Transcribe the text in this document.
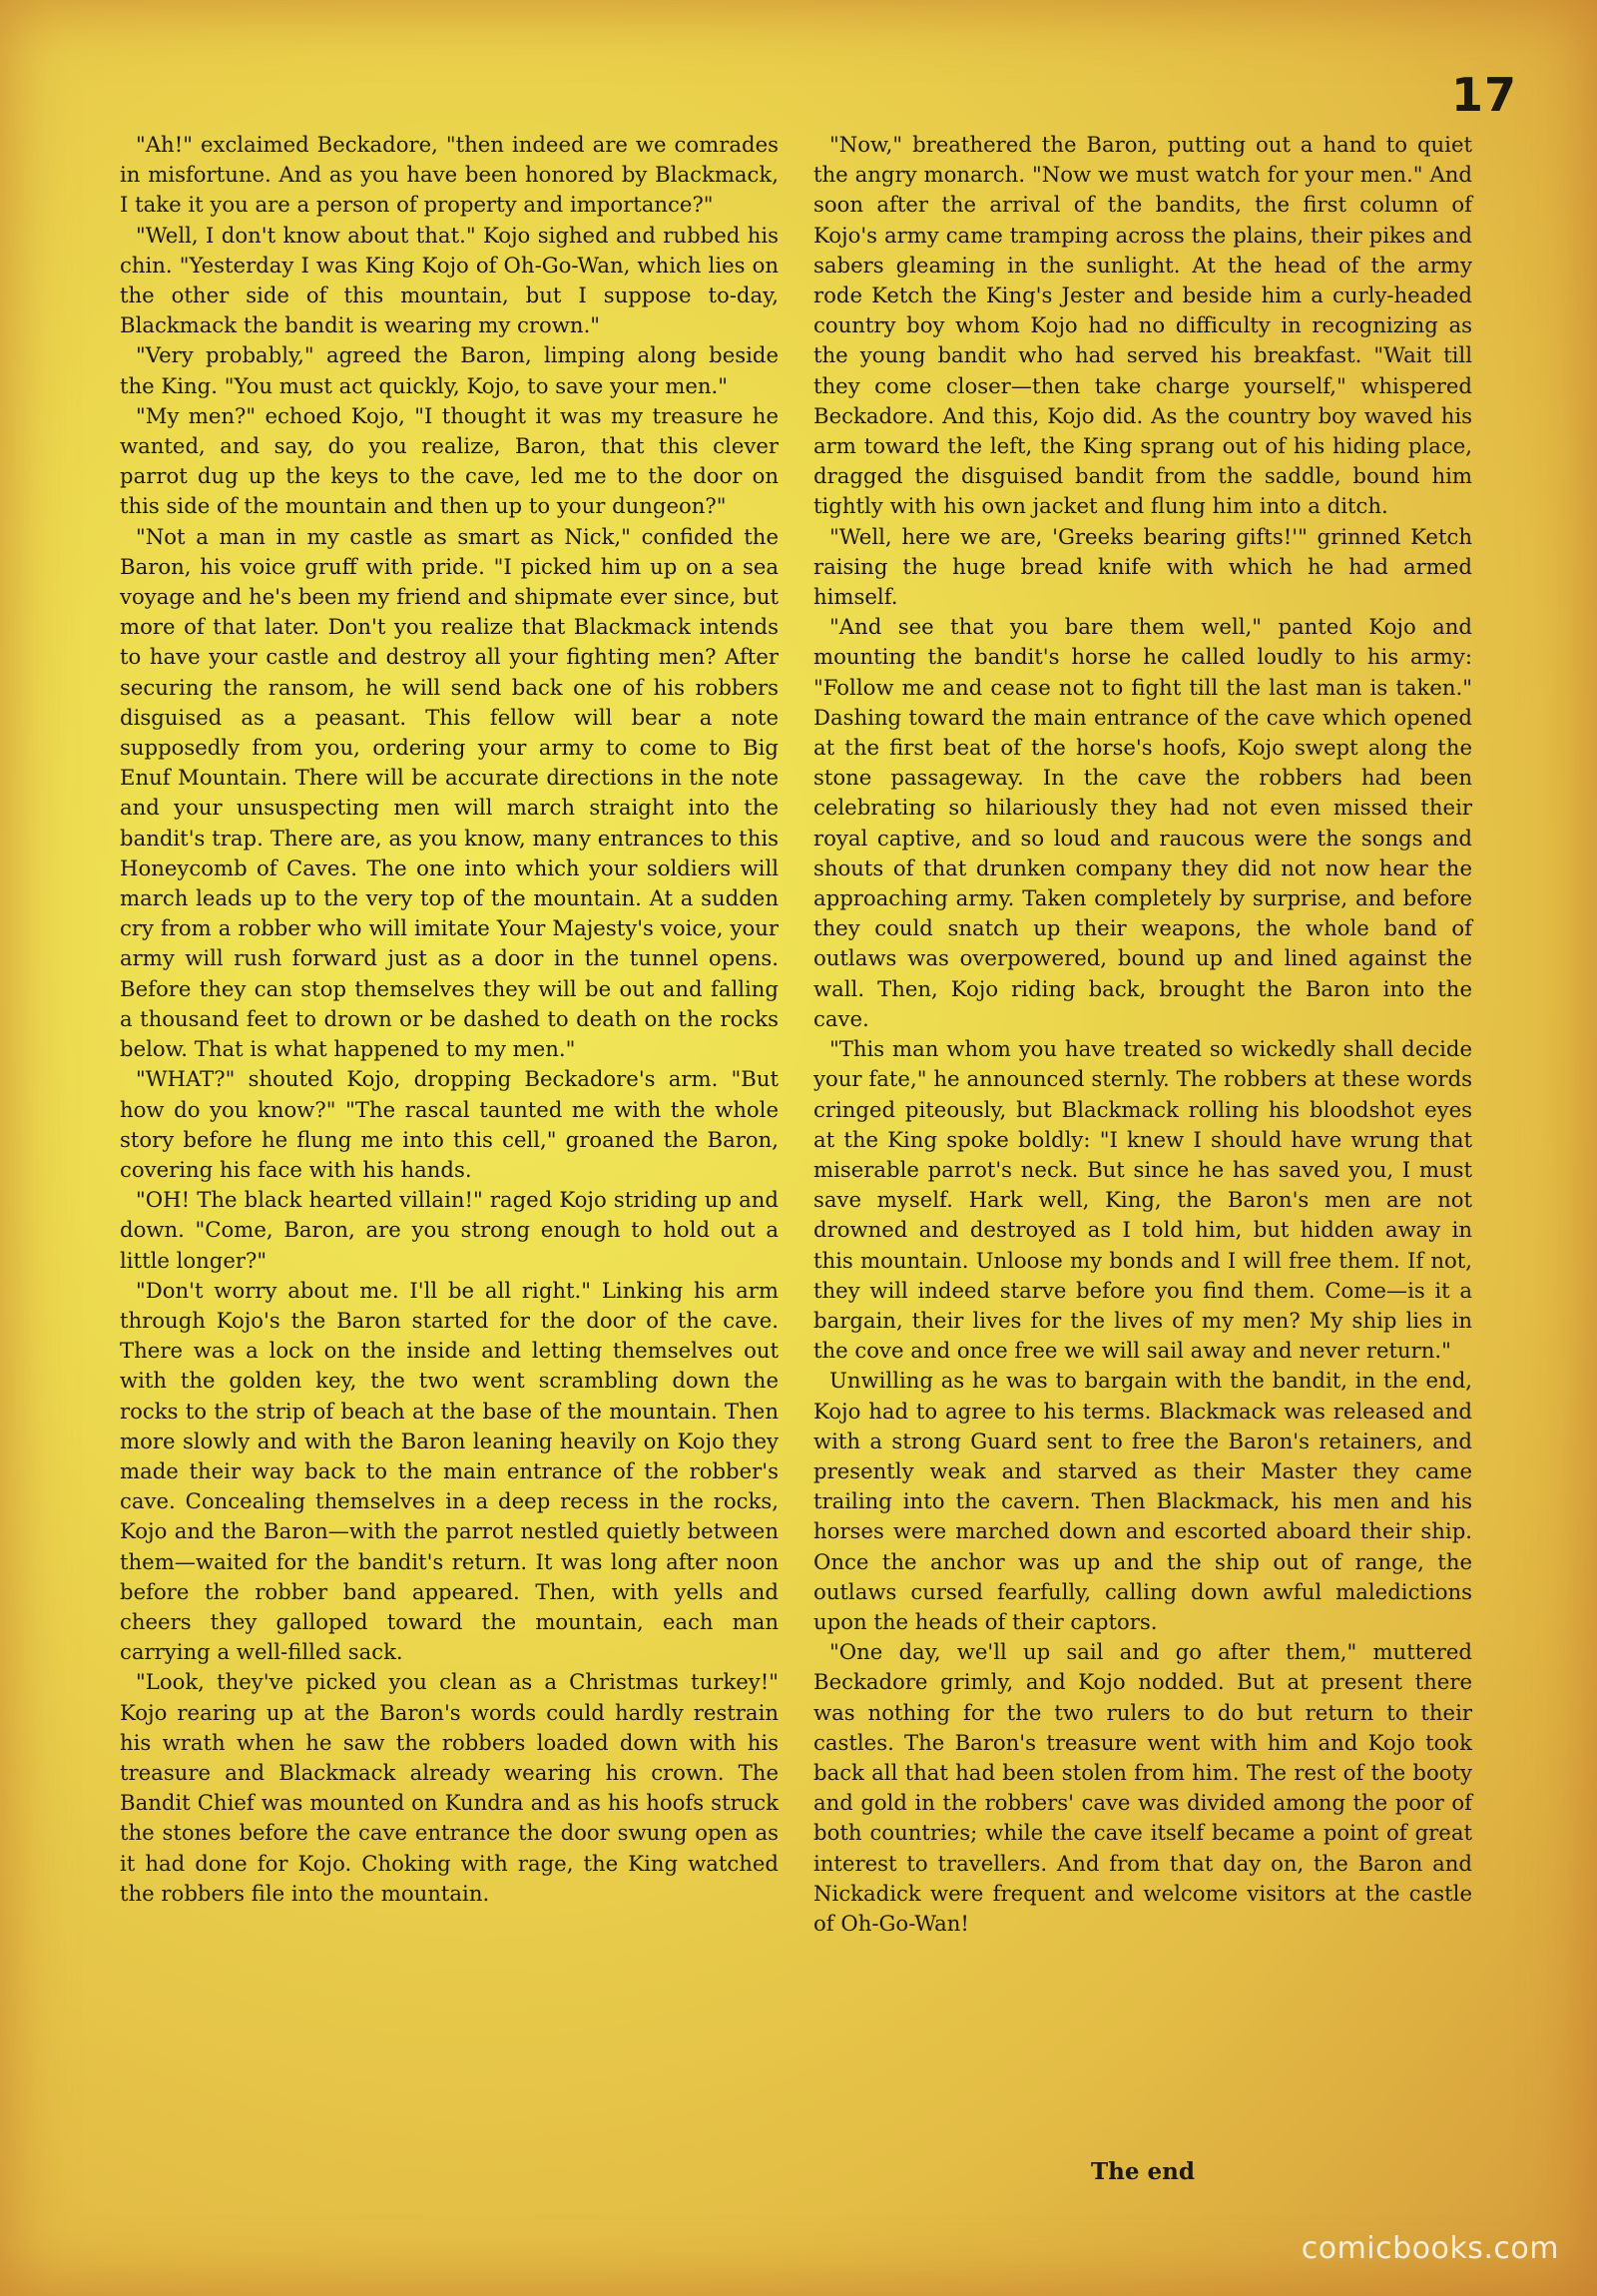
17

"Ah!" exclaimed Beckadore, "then indeed are we comrades in misfortune. And as you have been honored by Blackmack, I take it you are a person of property and importance?"

"Well, I don't know about that." Kojo sighed and rubbed his chin. "Yesterday I was King Kojo of Oh-Go-Wan, which lies on the other side of this mountain, but I suppose to-day, Blackmack the bandit is wearing my crown."

"Very probably," agreed the Baron, limping along beside the King. "You must act quickly, Kojo, to save your men."

"My men?" echoed Kojo, "I thought it was my treasure he wanted, and say, do you realize, Baron, that this clever parrot dug up the keys to the cave, led me to the door on this side of the mountain and then up to your dungeon?"

"Not a man in my castle as smart as Nick," confided the Baron, his voice gruff with pride. "I picked him up on a sea voyage and he's been my friend and shipmate ever since, but more of that later. Don't you realize that Blackmack intends to have your castle and destroy all your fighting men? After securing the ransom, he will send back one of his robbers disguised as a peasant. This fellow will bear a note supposedly from you, ordering your army to come to Big Enuf Mountain. There will be accurate directions in the note and your unsuspecting men will march straight into the bandit's trap. There are, as you know, many entrances to this Honeycomb of Caves. The one into which your soldiers will march leads up to the very top of the mountain. At a sudden cry from a robber who will imitate Your Majesty's voice, your army will rush forward just as a door in the tunnel opens. Before they can stop themselves they will be out and falling a thousand feet to drown or be dashed to death on the rocks below. That is what happened to my men."

"WHAT?" shouted Kojo, dropping Beckadore's arm. "But how do you know?" "The rascal taunted me with the whole story before he flung me into this cell," groaned the Baron, covering his face with his hands.

"OH! The black hearted villain!" raged Kojo striding up and down. "Come, Baron, are you strong enough to hold out a little longer?"

"Don't worry about me. I'll be all right." Linking his arm through Kojo's the Baron started for the door of the cave. There was a lock on the inside and letting themselves out with the golden key, the two went scrambling down the rocks to the strip of beach at the base of the mountain. Then more slowly and with the Baron leaning heavily on Kojo they made their way back to the main entrance of the robber's cave. Concealing themselves in a deep recess in the rocks, Kojo and the Baron—with the parrot nestled quietly between them—waited for the bandit's return. It was long after noon before the robber band appeared. Then, with yells and cheers they galloped toward the mountain, each man carrying a well-filled sack.

"Look, they've picked you clean as a Christmas turkey!" Kojo rearing up at the Baron's words could hardly restrain his wrath when he saw the robbers loaded down with his treasure and Blackmack already wearing his crown. The Bandit Chief was mounted on Kundra and as his hoofs struck the stones before the cave entrance the door swung open as it had done for Kojo. Choking with rage, the King watched the robbers file into the mountain.

"Now," breathered the Baron, putting out a hand to quiet the angry monarch. "Now we must watch for your men." And soon after the arrival of the bandits, the first column of Kojo's army came tramping across the plains, their pikes and sabers gleaming in the sunlight. At the head of the army rode Ketch the King's Jester and beside him a curly-headed country boy whom Kojo had no difficulty in recognizing as the young bandit who had served his breakfast. "Wait till they come closer—then take charge yourself," whispered Beckadore. And this, Kojo did. As the country boy waved his arm toward the left, the King sprang out of his hiding place, dragged the disguised bandit from the saddle, bound him tightly with his own jacket and flung him into a ditch.

"Well, here we are, 'Greeks bearing gifts!'" grinned Ketch raising the huge bread knife with which he had armed himself.

"And see that you bare them well," panted Kojo and mounting the bandit's horse he called loudly to his army: "Follow me and cease not to fight till the last man is taken." Dashing toward the main entrance of the cave which opened at the first beat of the horse's hoofs, Kojo swept along the stone passageway. In the cave the robbers had been celebrating so hilariously they had not even missed their royal captive, and so loud and raucous were the songs and shouts of that drunken company they did not now hear the approaching army. Taken completely by surprise, and before they could snatch up their weapons, the whole band of outlaws was overpowered, bound up and lined against the wall. Then, Kojo riding back, brought the Baron into the cave.

"This man whom you have treated so wickedly shall decide your fate," he announced sternly. The robbers at these words cringed piteously, but Blackmack rolling his bloodshot eyes at the King spoke boldly: "I knew I should have wrung that miserable parrot's neck. But since he has saved you, I must save myself. Hark well, King, the Baron's men are not drowned and destroyed as I told him, but hidden away in this mountain. Unloose my bonds and I will free them. If not, they will indeed starve before you find them. Come—is it a bargain, their lives for the lives of my men? My ship lies in the cove and once free we will sail away and never return."

Unwilling as he was to bargain with the bandit, in the end, Kojo had to agree to his terms. Blackmack was released and with a strong Guard sent to free the Baron's retainers, and presently weak and starved as their Master they came trailing into the cavern. Then Blackmack, his men and his horses were marched down and escorted aboard their ship. Once the anchor was up and the ship out of range, the outlaws cursed fearfully, calling down awful maledictions upon the heads of their captors.

"One day, we'll up sail and go after them," muttered Beckadore grimly, and Kojo nodded. But at present there was nothing for the two rulers to do but return to their castles. The Baron's treasure went with him and Kojo took back all that had been stolen from him. The rest of the booty and gold in the robbers' cave was divided among the poor of both countries; while the cave itself became a point of great interest to travellers. And from that day on, the Baron and Nickadick were frequent and welcome visitors at the castle of Oh-Go-Wan!

The end
comicbooks.com
